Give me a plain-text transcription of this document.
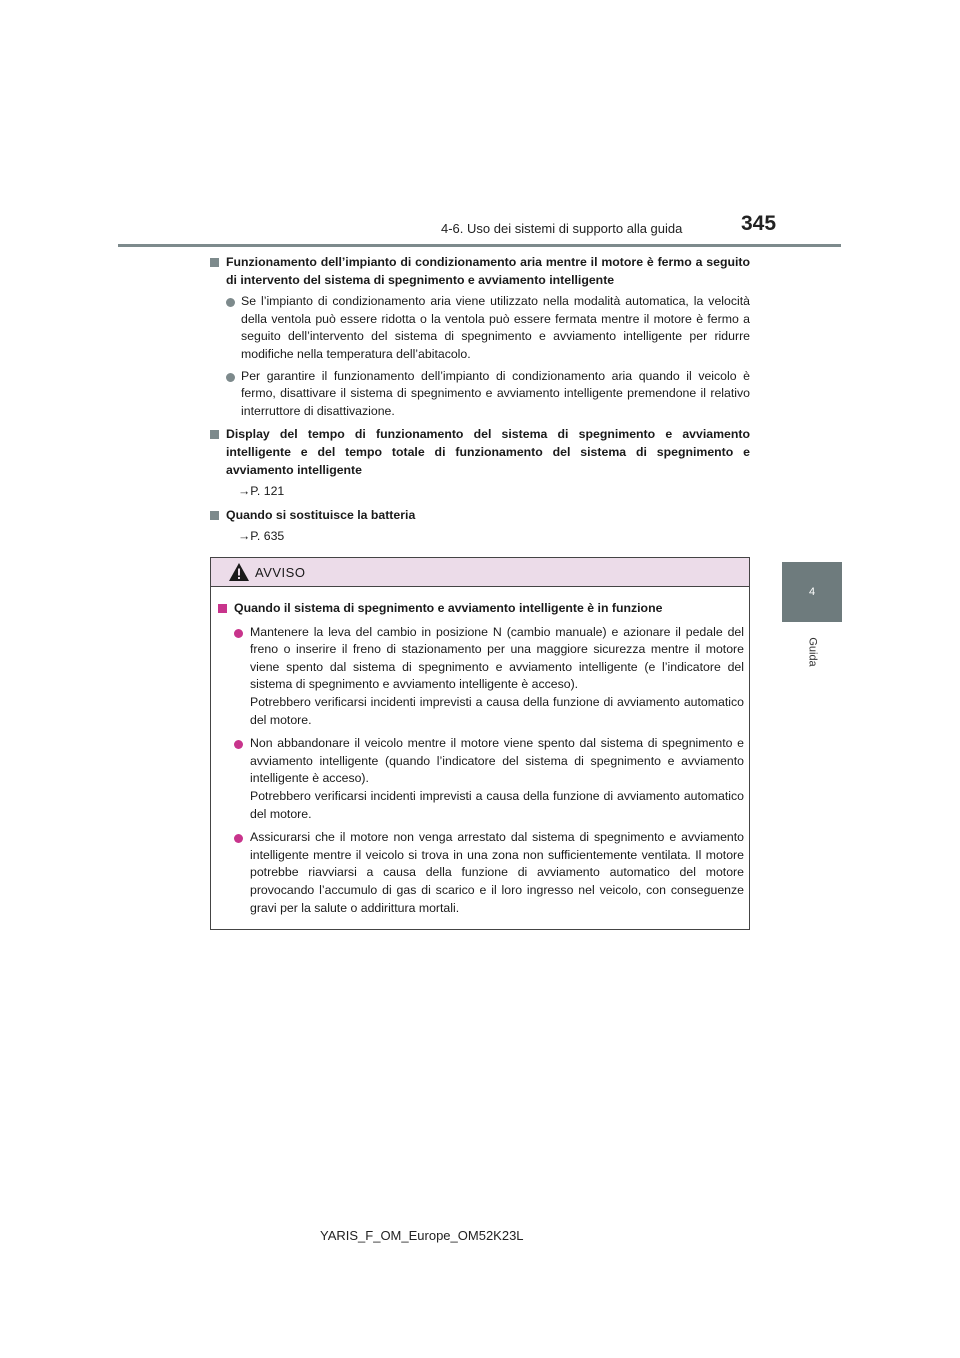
4-6. Uso dei sistemi di supporto alla guida	345
4
Guida
Funzionamento dell’impianto di condizionamento aria mentre il motore è fermo a seguito di intervento del sistema di spegnimento e avviamento intelligente
Se l’impianto di condizionamento aria viene utilizzato nella modalità automatica, la velocità della ventola può essere ridotta o la ventola può essere fermata mentre il motore è fermo a seguito dell’intervento del sistema di spegnimento e avviamento intelligente per ridurre modifiche nella temperatura dell’abitacolo.
Per garantire il funzionamento dell’impianto di condizionamento aria quando il veicolo è fermo, disattivare il sistema di spegnimento e avviamento intelligente premendone il relativo interruttore di disattivazione.
Display del tempo di funzionamento del sistema di spegnimento e avviamento intelligente e del tempo totale di funzionamento del sistema di spegnimento e avviamento intelligente
→P. 121
Quando si sostituisce la batteria
→P. 635
AVVISO
Quando il sistema di spegnimento e avviamento intelligente è in funzione

Mantenere la leva del cambio in posizione N (cambio manuale) e azionare il pedale del freno o inserire il freno di stazionamento per una maggiore sicurezza mentre il motore viene spento dal sistema di spegnimento e avviamento intelligente (e l’indicatore del sistema di spegnimento e avviamento intelligente è acceso).

Potrebbero verificarsi incidenti imprevisti a causa della funzione di avviamento automatico del motore.

Non abbandonare il veicolo mentre il motore viene spento dal sistema di spegnimento e avviamento intelligente (quando l’indicatore del sistema di spegnimento e avviamento intelligente è acceso).

Potrebbero verificarsi incidenti imprevisti a causa della funzione di avviamento automatico del motore.

Assicurarsi che il motore non venga arrestato dal sistema di spegnimento e avviamento intelligente mentre il veicolo si trova in una zona non sufficientemente ventilata. Il motore potrebbe riavviarsi a causa della funzione di avviamento automatico del motore provocando l’accumulo di gas di scarico e il loro ingresso nel veicolo, con conseguenze gravi per la salute o addirittura mortali.

YARIS_F_OM_Europe_OM52K23L
